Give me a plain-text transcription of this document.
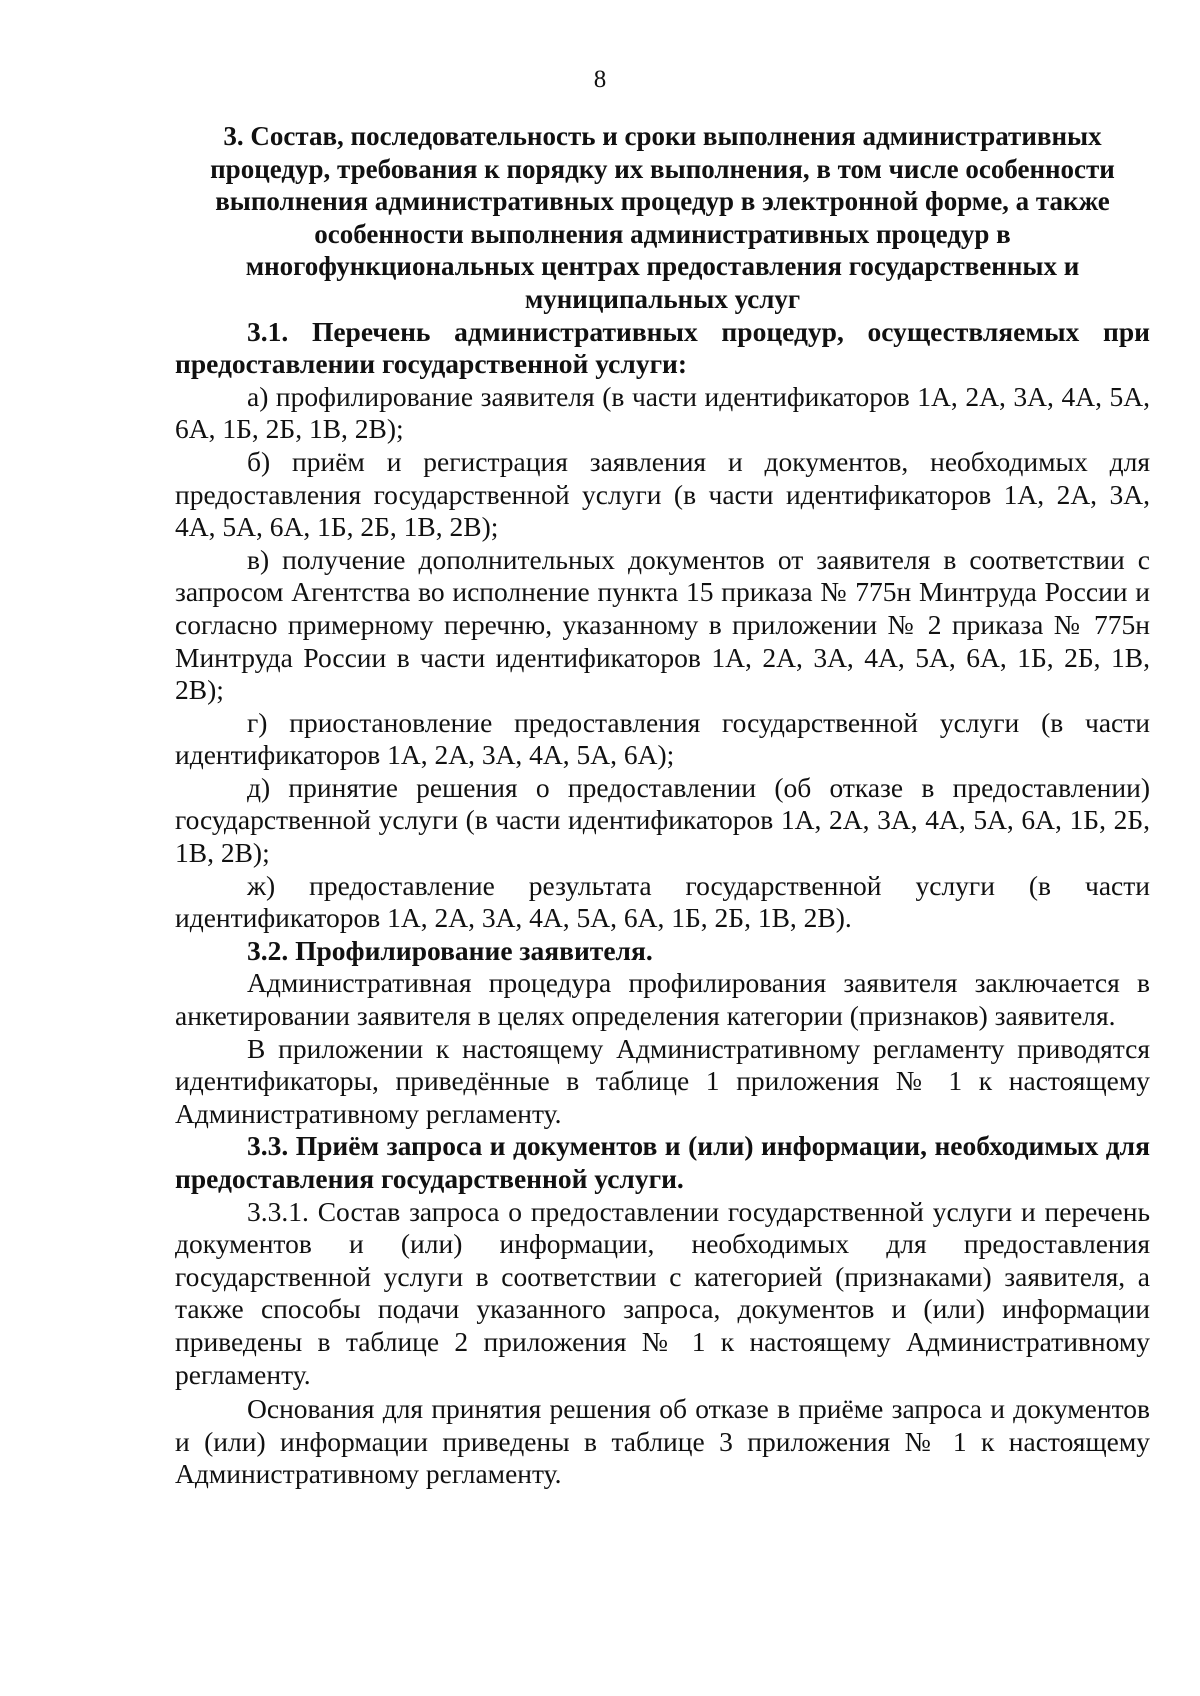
8

3. Состав, последовательность и сроки выполнения административных процедур, требования к порядку их выполнения, в том числе особенности выполнения административных процедур в электронной форме, а также особенности выполнения административных процедур в многофункциональных центрах предоставления государственных и муниципальных услуг

3.1. Перечень административных процедур, осуществляемых при предоставлении государственной услуги:

а) профилирование заявителя (в части идентификаторов 1А, 2А, 3А, 4А, 5А, 6А, 1Б, 2Б, 1В, 2В);

б) приём и регистрация заявления и документов, необходимых для предоставления государственной услуги (в части идентификаторов 1А, 2А, 3А, 4А, 5А, 6А, 1Б, 2Б, 1В, 2В);

в) получение дополнительных документов от заявителя в соответствии с запросом Агентства во исполнение пункта 15 приказа № 775н Минтруда России и согласно примерному перечню, указанному в приложении № 2 приказа № 775н Минтруда России в части идентификаторов 1А, 2А, 3А, 4А, 5А, 6А, 1Б, 2Б, 1В, 2В);

г) приостановление предоставления государственной услуги (в части идентификаторов 1А, 2А, 3А, 4А, 5А, 6А);

д) принятие решения о предоставлении (об отказе в предоставлении) государственной услуги (в части идентификаторов 1А, 2А, 3А, 4А, 5А, 6А, 1Б, 2Б, 1В, 2В);

ж) предоставление результата государственной услуги (в части идентификаторов 1А, 2А, 3А, 4А, 5А, 6А, 1Б, 2Б, 1В, 2В).

3.2. Профилирование заявителя.

Административная процедура профилирования заявителя заключается в анкетировании заявителя в целях определения категории (признаков) заявителя.

В приложении к настоящему Административному регламенту приводятся идентификаторы, приведённые в таблице 1 приложения № 1 к настоящему Административному регламенту.

3.3. Приём запроса и документов и (или) информации, необходимых для предоставления государственной услуги.

3.3.1. Состав запроса о предоставлении государственной услуги и перечень документов и (или) информации, необходимых для предоставления государственной услуги в соответствии с категорией (признаками) заявителя, а также способы подачи указанного запроса, документов и (или) информации приведены в таблице 2 приложения № 1 к настоящему Административному регламенту.

Основания для принятия решения об отказе в приёме запроса и документов и (или) информации приведены в таблице 3 приложения № 1 к настоящему Административному регламенту.
